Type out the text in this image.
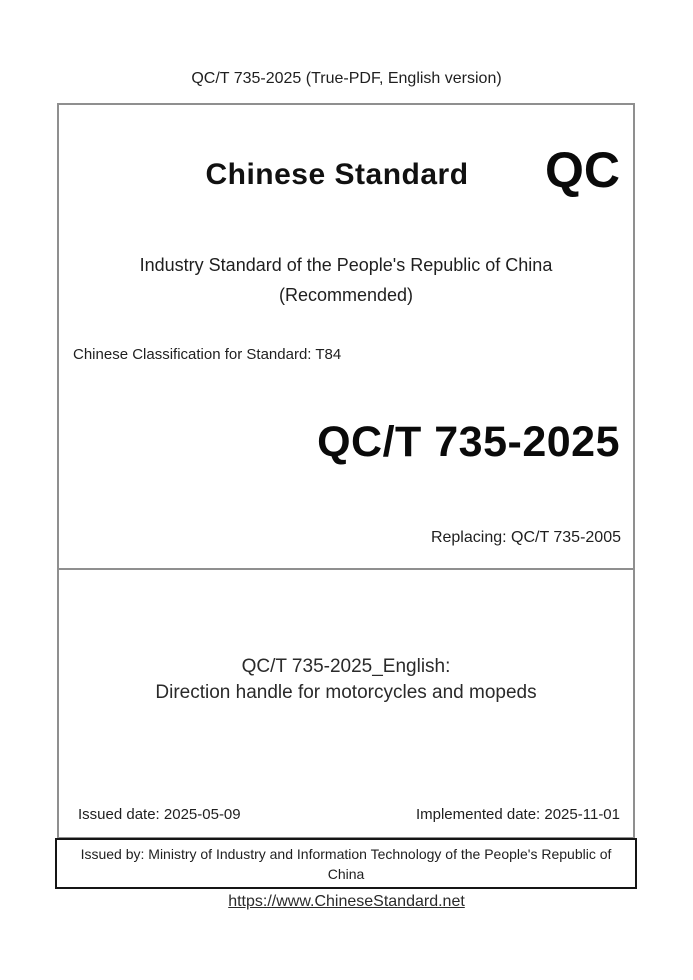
QC/T 735-2025 (True-PDF, English version)
Chinese Standard	QC
Industry Standard of the People's Republic of China
(Recommended)
Chinese Classification for Standard: T84
QC/T 735-2025
Replacing: QC/T 735-2005
QC/T 735-2025_English:
Direction handle for motorcycles and mopeds
Issued date: 2025-05-09	Implemented date: 2025-11-01
Issued by: Ministry of Industry and Information Technology of the People's Republic of
China
https://www.ChineseStandard.net
